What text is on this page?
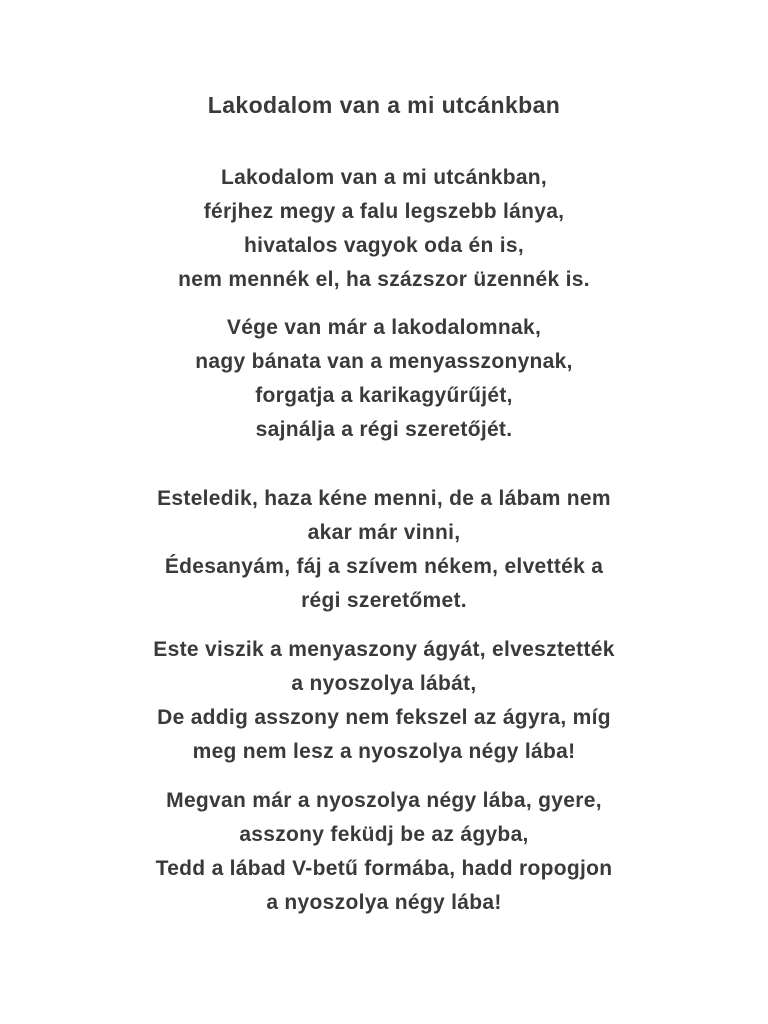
Lakodalom van a mi utcánkban
Lakodalom van a mi utcánkban,
férjhez megy a falu legszebb lánya,
hivatalos vagyok oda én is,
nem mennék el, ha százszor üzennék is.
Vége van már a lakodalomnak,
nagy bánata van a menyasszonynak,
forgatja a karikagyűrűjét,
sajnálja a régi szeretőjét.
Esteledik, haza kéne menni, de a lábam nem
akar már vinni,
Édesanyám, fáj a szívem nékem, elvették a
régi szeretőmet.
Este viszik a menyaszony ágyát, elvesztették
a nyoszolya lábát,
De addig asszony nem fekszel az ágyra, míg
meg nem lesz a nyoszolya négy lába!
Megvan már a nyoszolya négy lába, gyere,
asszony feküdj be az ágyba,
Tedd a lábad V-betű formába, hadd ropogjon
a nyoszolya négy lába!
